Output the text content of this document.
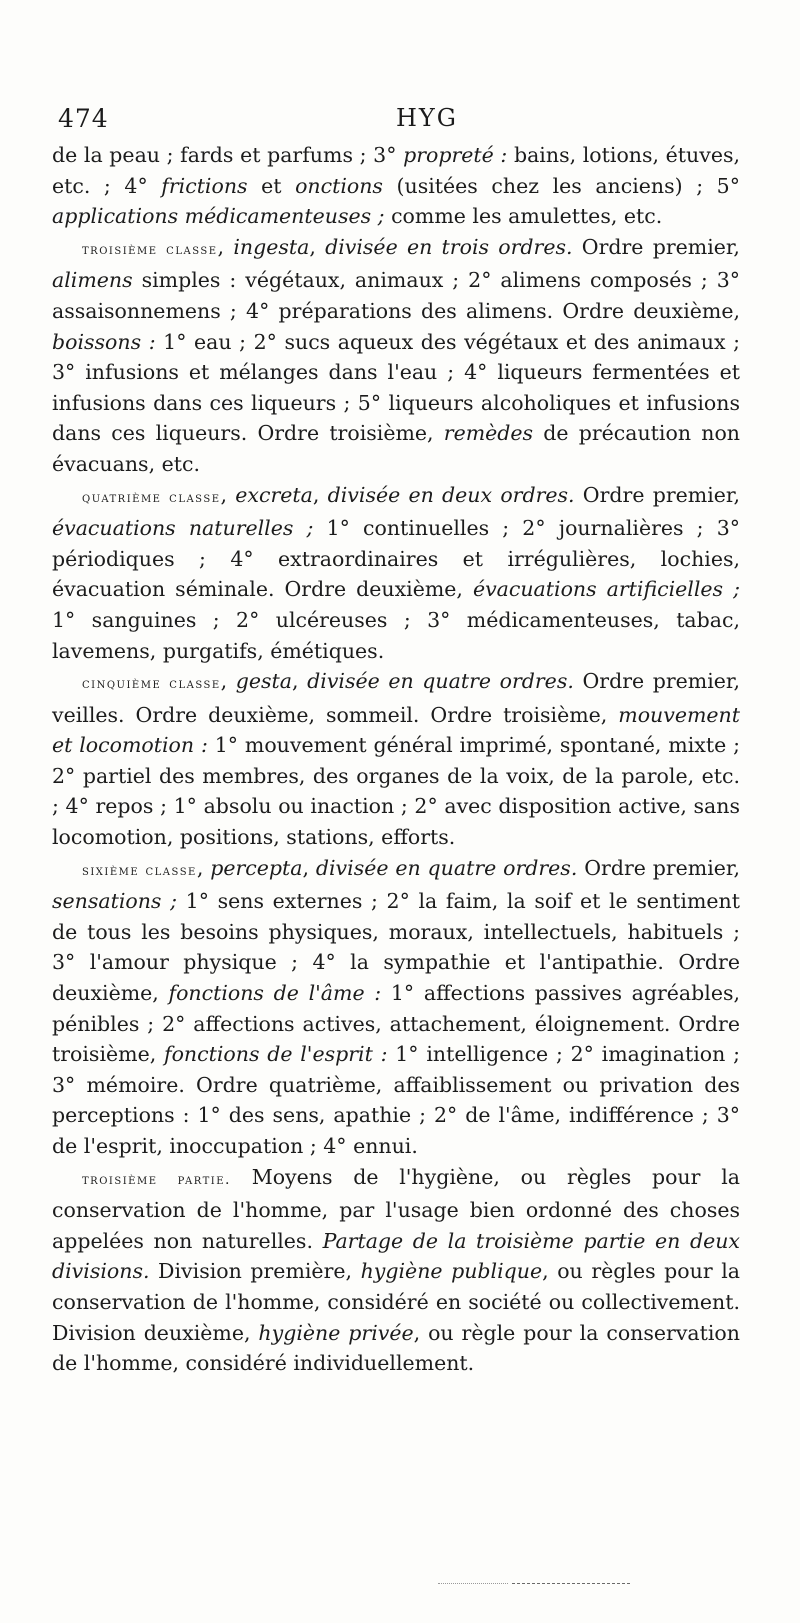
474	HYG

de la peau ; fards et parfums ; 3° propreté : bains, lotions, étuves, etc. ; 4° frictions et onctions (usitées chez les anciens) ; 5° applications médicamenteuses ; comme les amulettes, etc.

troisième classe, ingesta, divisée en trois ordres. Ordre premier, alimens simples : végétaux, animaux ; 2° alimens composés ; 3° assaisonnemens ; 4° préparations des alimens. Ordre deuxième, boissons : 1° eau ; 2° sucs aqueux des végétaux et des animaux ; 3° infusions et mélanges dans l'eau ; 4° liqueurs fermentées et infusions dans ces liqueurs ; 5° liqueurs alcoholiques et infusions dans ces liqueurs. Ordre troisième, remèdes de précaution non évacuans, etc.

quatrième classe, excreta, divisée en deux ordres. Ordre premier, évacuations naturelles ; 1° continuelles ; 2° journalières ; 3° périodiques ; 4° extraordinaires et irrégulières, lochies, évacuation séminale. Ordre deuxième, évacuations artificielles ; 1° sanguines ; 2° ulcéreuses ; 3° médicamenteuses, tabac, lavemens, purgatifs, émétiques.

cinquième classe, gesta, divisée en quatre ordres. Ordre premier, veilles. Ordre deuxième, sommeil. Ordre troisième, mouvement et locomotion : 1° mouvement général imprimé, spontané, mixte ; 2° partiel des membres, des organes de la voix, de la parole, etc. ; 4° repos ; 1° absolu ou inaction ; 2° avec disposition active, sans locomotion, positions, stations, efforts.

sixième classe, percepta, divisée en quatre ordres. Ordre premier, sensations ; 1° sens externes ; 2° la faim, la soif et le sentiment de tous les besoins physiques, moraux, intellectuels, habituels ; 3° l'amour physique ; 4° la sympathie et l'antipathie. Ordre deuxième, fonctions de l'âme : 1° affections passives agréables, pénibles ; 2° affections actives, attachement, éloignement. Ordre troisième, fonctions de l'esprit : 1° intelligence ; 2° imagination ; 3° mémoire. Ordre quatrième, affaiblissement ou privation des perceptions : 1° des sens, apathie ; 2° de l'âme, indifférence ; 3° de l'esprit, inoccupation ; 4° ennui.

troisième partie. Moyens de l'hygiène, ou règles pour la conservation de l'homme, par l'usage bien ordonné des choses appelées non naturelles. Partage de la troisième partie en deux divisions. Division première, hygiène publique, ou règles pour la conservation de l'homme, considéré en société ou collectivement. Division deuxième, hygiène privée, ou règle pour la conservation de l'homme, considéré individuellement.
